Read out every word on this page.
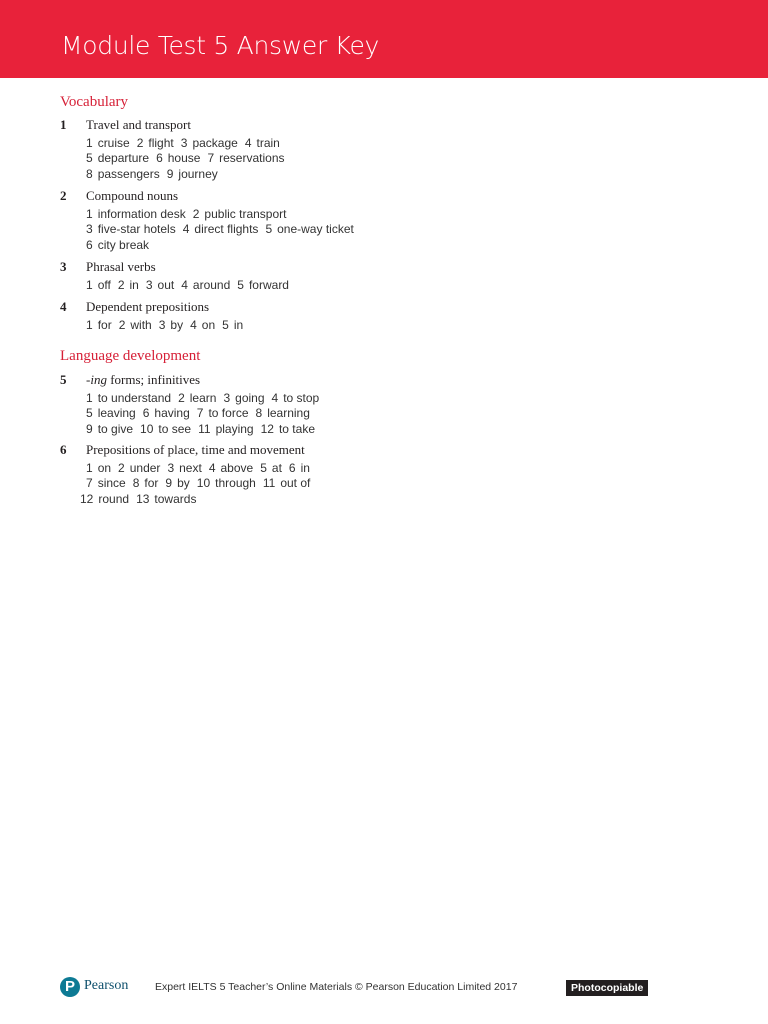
Module Test 5 Answer Key
Vocabulary
1 Travel and transport
1 cruise 2 flight 3 package 4 train
5 departure 6 house 7 reservations
8 passengers 9 journey
2 Compound nouns
1 information desk 2 public transport
3 five-star hotels 4 direct flights 5 one-way ticket
6 city break
3 Phrasal verbs
1 off 2 in 3 out 4 around 5 forward
4 Dependent prepositions
1 for 2 with 3 by 4 on 5 in
Language development
5 -ing forms; infinitives
1 to understand 2 learn 3 going 4 to stop
5 leaving 6 having 7 to force 8 learning
9 to give 10 to see 11 playing 12 to take
6 Prepositions of place, time and movement
1 on 2 under 3 next 4 above 5 at 6 in
7 since 8 for 9 by 10 through 11 out of
12 round 13 towards
P Pearson	Expert IELTS 5 Teacher’s Online Materials © Pearson Education Limited 2017	Photocopiable
